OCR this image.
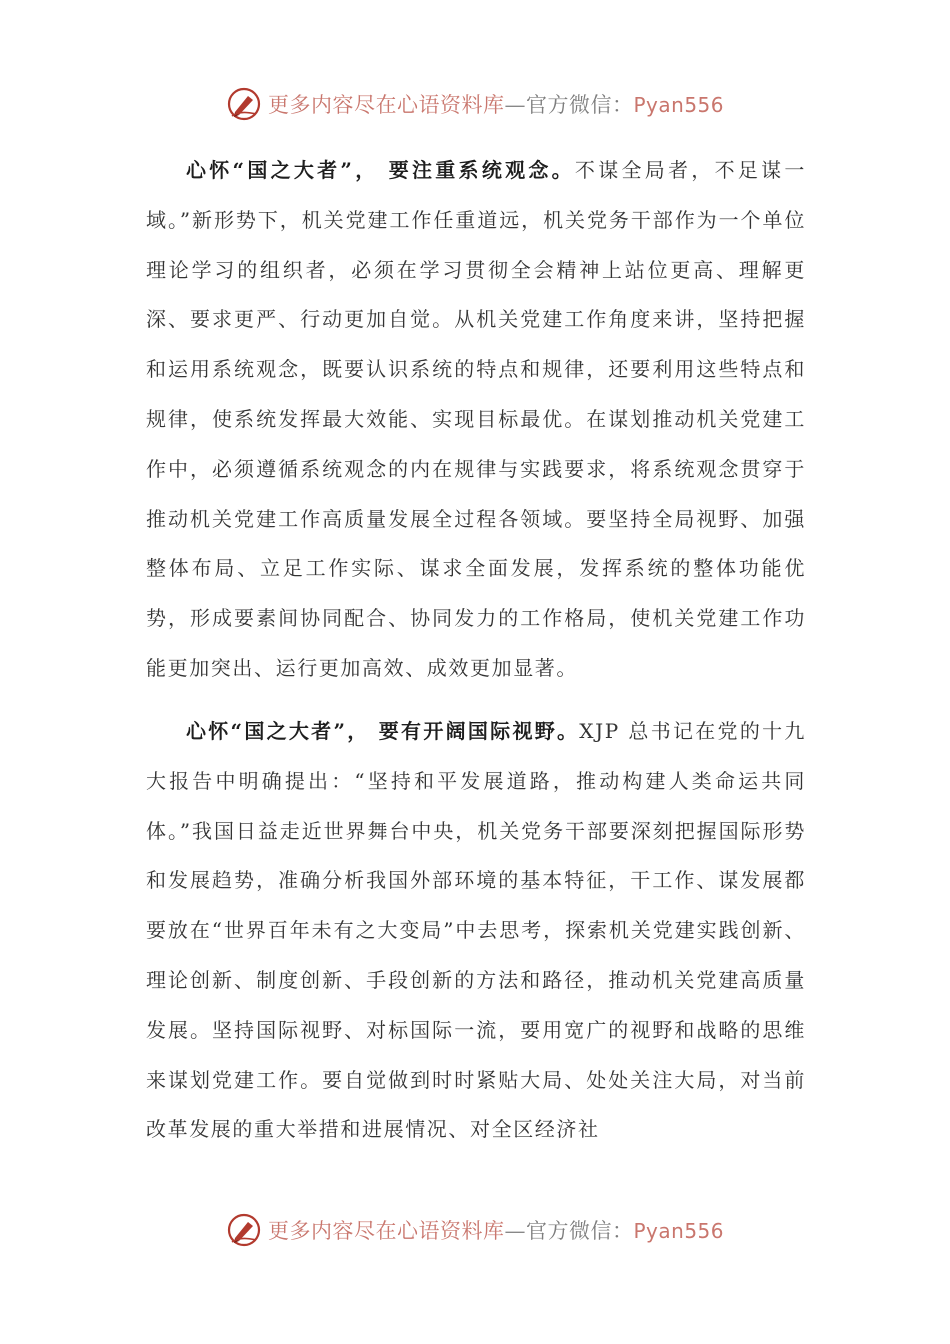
更多内容尽在心语资料库—官方微信：Pyan556

心怀“国之大者”， 要注重系统观念。不谋全局者，不足谋一域。”新形势下，机关党建工作任重道远，机关党务干部作为一个单位理论学习的组织者，必须在学习贯彻全会精神上站位更高、理解更深、要求更严、行动更加自觉。从机关党建工作角度来讲，坚持把握和运用系统观念，既要认识系统的特点和规律，还要利用这些特点和规律，使系统发挥最大效能、实现目标最优。在谋划推动机关党建工作中，必须遵循系统观念的内在规律与实践要求，将系统观念贯穿于推动机关党建工作高质量发展全过程各领域。要坚持全局视野、加强整体布局、立足工作实际、谋求全面发展，发挥系统的整体功能优势，形成要素间协同配合、协同发力的工作格局，使机关党建工作功能更加突出、运行更加高效、成效更加显著。

心怀“国之大者”， 要有开阔国际视野。XJP 总书记在党的十九大报告中明确提出：“坚持和平发展道路，推动构建人类命运共同体。”我国日益走近世界舞台中央，机关党务干部要深刻把握国际形势和发展趋势，准确分析我国外部环境的基本特征，干工作、谋发展都要放在“世界百年未有之大变局”中去思考，探索机关党建实践创新、理论创新、制度创新、手段创新的方法和路径，推动机关党建高质量发展。坚持国际视野、对标国际一流，要用宽广的视野和战略的思维来谋划党建工作。要自觉做到时时紧贴大局、处处关注大局，对当前改革发展的重大举措和进展情况、对全区经济社

更多内容尽在心语资料库—官方微信：Pyan556
